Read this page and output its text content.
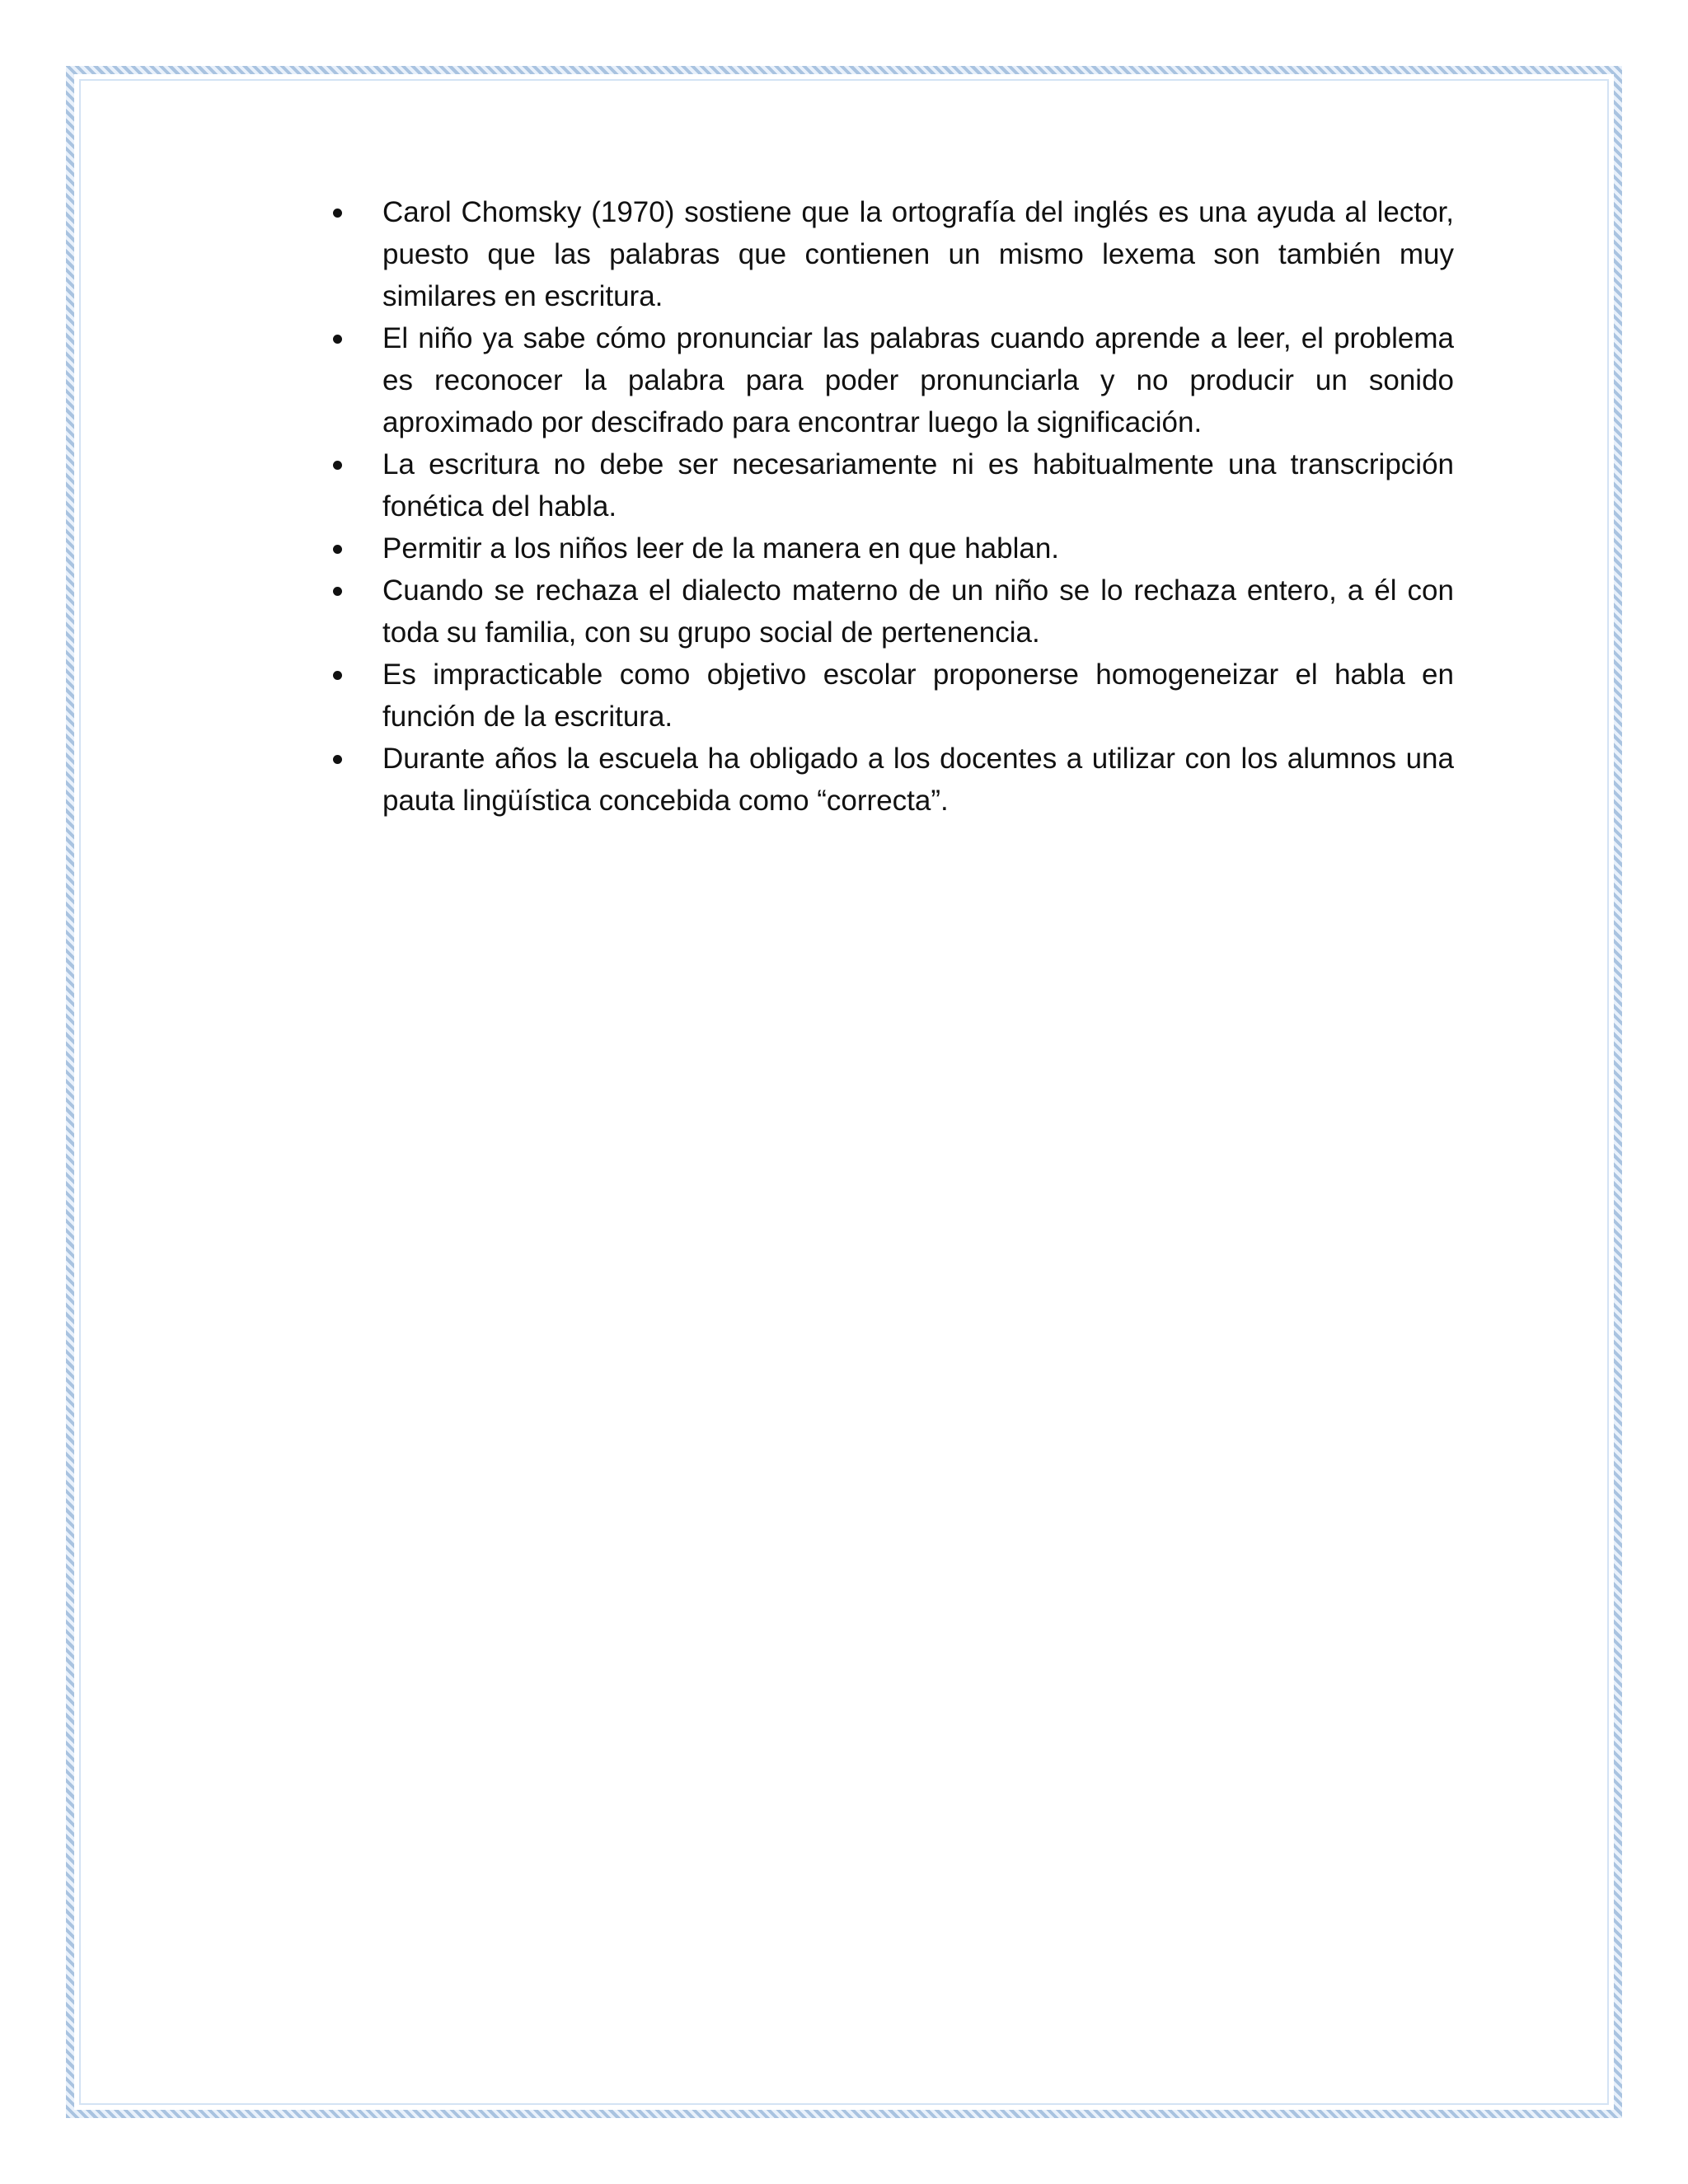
Carol Chomsky (1970) sostiene que la ortografía del inglés es una ayuda al lector, puesto que las palabras que contienen un mismo lexema son también muy similares en escritura.
El niño ya sabe cómo pronunciar las palabras cuando aprende a leer, el problema es reconocer la palabra para poder pronunciarla y no producir un sonido aproximado por descifrado para encontrar luego la significación.
La escritura no debe ser necesariamente ni es habitualmente una transcripción fonética del habla.
Permitir a los niños leer de la manera en que hablan.
Cuando se rechaza el dialecto materno de un niño se lo rechaza entero, a él con toda su familia, con su grupo social de pertenencia.
Es impracticable como objetivo escolar proponerse homogeneizar el habla en función de la escritura.
Durante años la escuela ha obligado a los docentes a utilizar con los alumnos una pauta lingüística concebida como “correcta”.
